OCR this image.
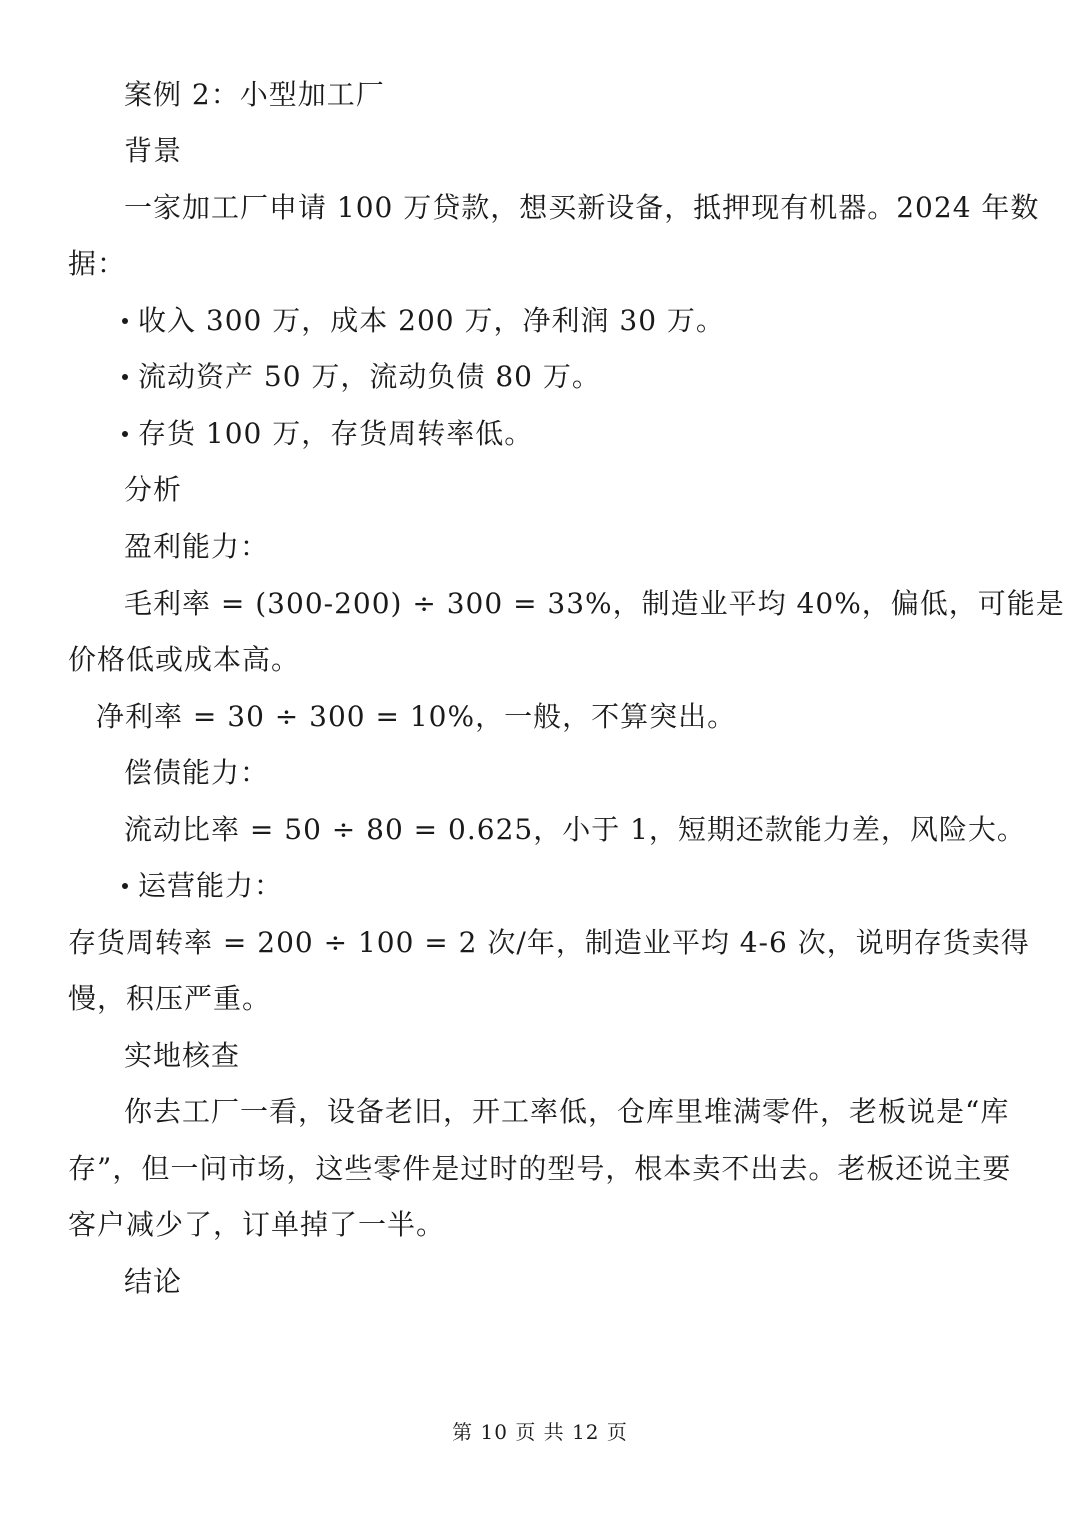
案例 2：小型加工厂
背景
一家加工厂申请 100 万贷款，想买新设备，抵押现有机器。2024 年数
据：
收入 300 万，成本 200 万，净利润 30 万。
流动资产 50 万，流动负债 80 万。
存货 100 万，存货周转率低。
分析
盈利能力：
毛利率 = (300-200) ÷ 300 = 33%，制造业平均 40%，偏低，可能是
价格低或成本高。
净利率 = 30 ÷ 300 = 10%，一般，不算突出。
偿债能力：
流动比率 = 50 ÷ 80 = 0.625，小于 1，短期还款能力差，风险大。
运营能力：
存货周转率 = 200 ÷ 100 = 2 次/年，制造业平均 4-6 次，说明存货卖得
慢，积压严重。
实地核查
你去工厂一看，设备老旧，开工率低，仓库里堆满零件，老板说是“库
存”，但一问市场，这些零件是过时的型号，根本卖不出去。老板还说主要
客户减少了，订单掉了一半。
结论
第 10 页 共 12 页
